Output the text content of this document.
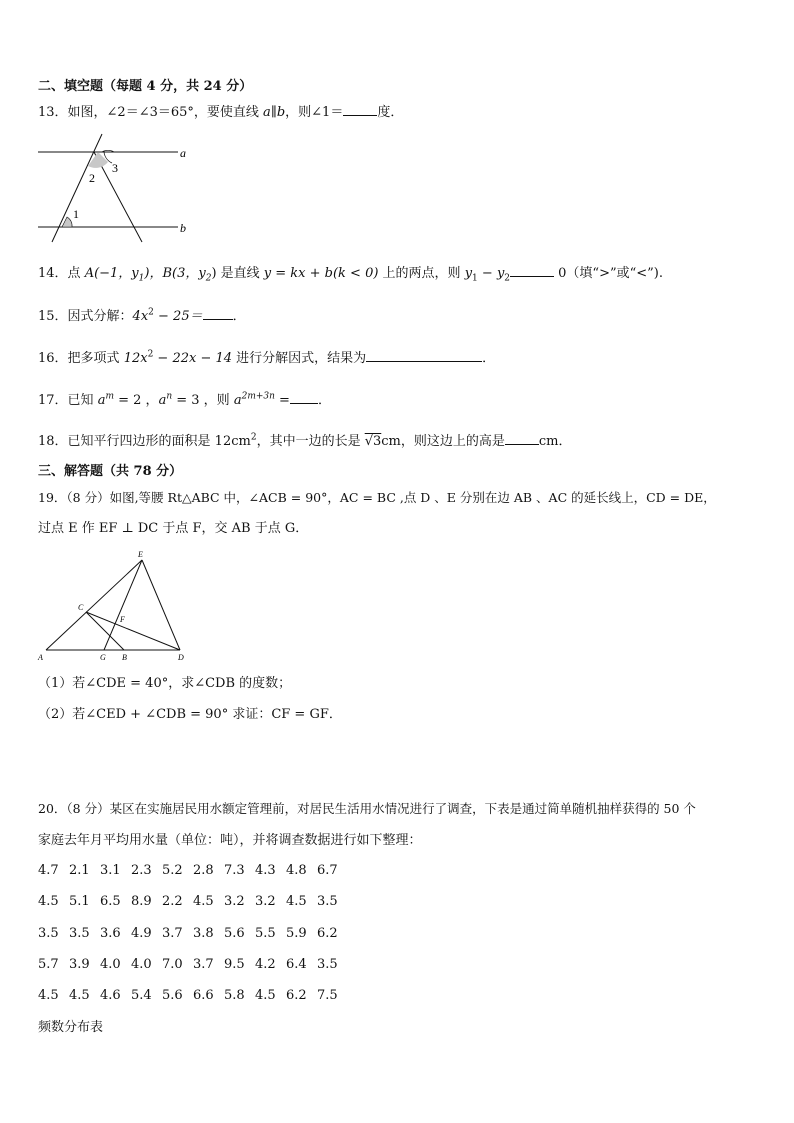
二、填空题（每题 4 分，共 24 分）
13．如图，∠2＝∠3＝65°，要使直线 a∥b，则∠1＝	度．
a
b
1
2
3
14．点 A(−1，$y_1$)，B(3，$y_2$) 是直线 y = kx + b(k < 0) 上的两点，则 $y_1 - y_2$	0（填“>”或“<”).
15．因式分解：$4x^2 - 25=$ ．
16．把多项式 $12x^2 - 22x - 14$ 进行分解因式，结果为	．
17．已知 $a^m = 2$ ，$a^n = 3$ ，则 $a^{2m+3n}$ = ．
18．已知平行四边形的面积是 $12cm^2$，其中一边的长是 √3cm，则这边上的高是	cm．
三、解答题（共 78 分）
19．（8 分）如图,等腰 Rt△ABC 中，∠ACB = 90°，AC = BC ,点 D 、E 分别在边 AB 、AC 的延长线上，CD = DE，
过点 E 作 EF ⊥ DC 于点 F，交 AB 于点 G．
E
C
F
A	G B	D
（1）若∠CDE = 40°，求∠CDB 的度数；
（2）若∠CED + ∠CDB = 90° 求证：CF = GF．
20．（8 分）某区在实施居民用水额定管理前，对居民生活用水情况进行了调查，下表是通过简单随机抽样获得的 50 个
家庭去年月平均用水量（单位：吨），并将调查数据进行如下整理：
4.7 2.1 3.1 2.3 5.2 2.8 7.3 4.3 4.8 6.7
4.5 5.1 6.5 8.9 2.2 4.5 3.2 3.2 4.5 3.5
3.5 3.5 3.6 4.9 3.7 3.8 5.6 5.5 5.9 6.2
5.7 3.9 4.0 4.0 7.0 3.7 9.5 4.2 6.4 3.5
4.5 4.5 4.6 5.4 5.6 6.6 5.8 4.5 6.2 7.5
频数分布表
